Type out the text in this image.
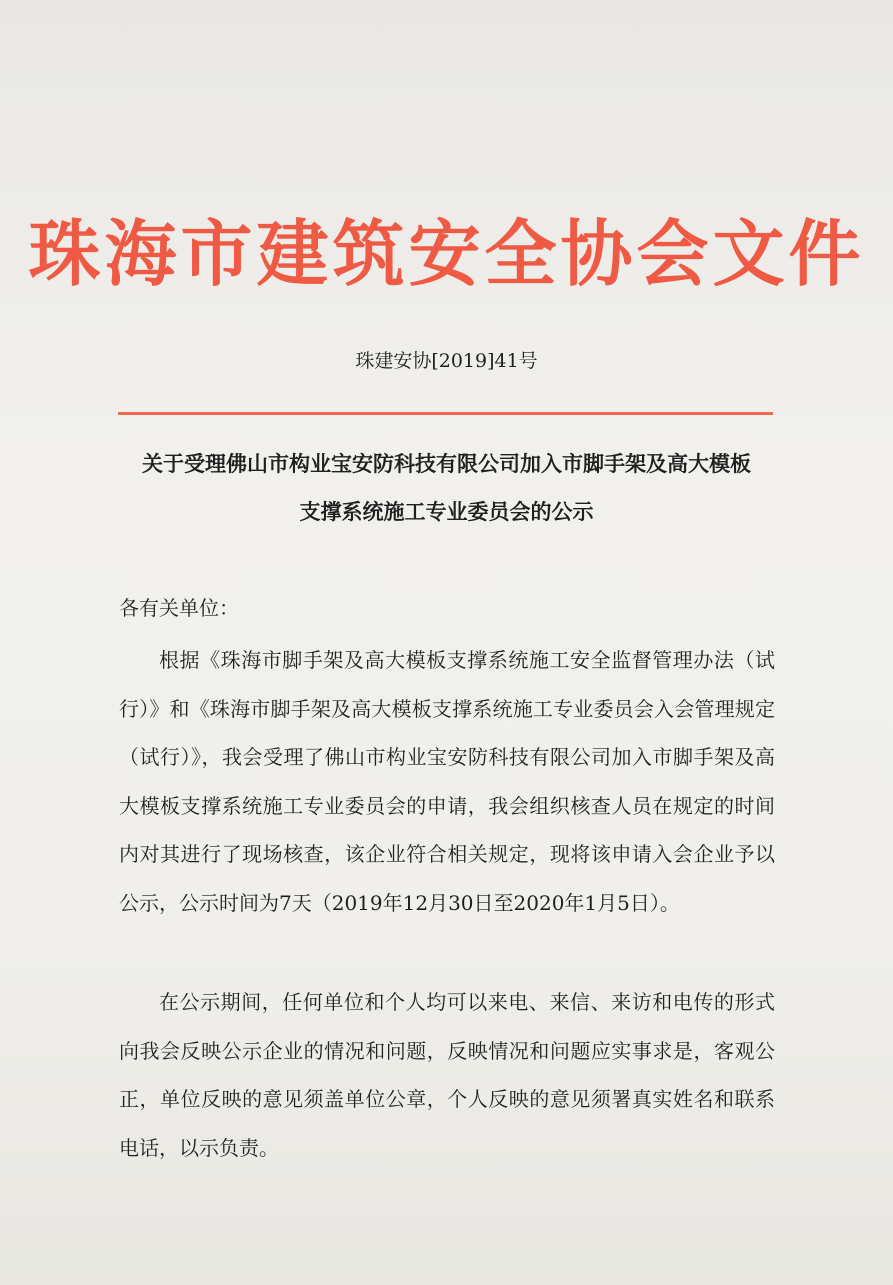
珠海市建筑安全协会文件
珠建安协[2019]41号
关于受理佛山市构业宝安防科技有限公司加入市脚手架及高大模板
支撑系统施工专业委员会的公示
各有关单位：

根据《珠海市脚手架及高大模板支撑系统施工安全监督管理办法（试行）》和《珠海市脚手架及高大模板支撑系统施工专业委员会入会管理规定（试行）》，我会受理了佛山市构业宝安防科技有限公司加入市脚手架及高大模板支撑系统施工专业委员会的申请，我会组织核查人员在规定的时间内对其进行了现场核查，该企业符合相关规定，现将该申请入会企业予以公示，公示时间为7天（2019年12月30日至2020年1月5日）。

在公示期间，任何单位和个人均可以来电、来信、来访和电传的形式向我会反映公示企业的情况和问题，反映情况和问题应实事求是，客观公正，单位反映的意见须盖单位公章，个人反映的意见须署真实姓名和联系电话，以示负责。
